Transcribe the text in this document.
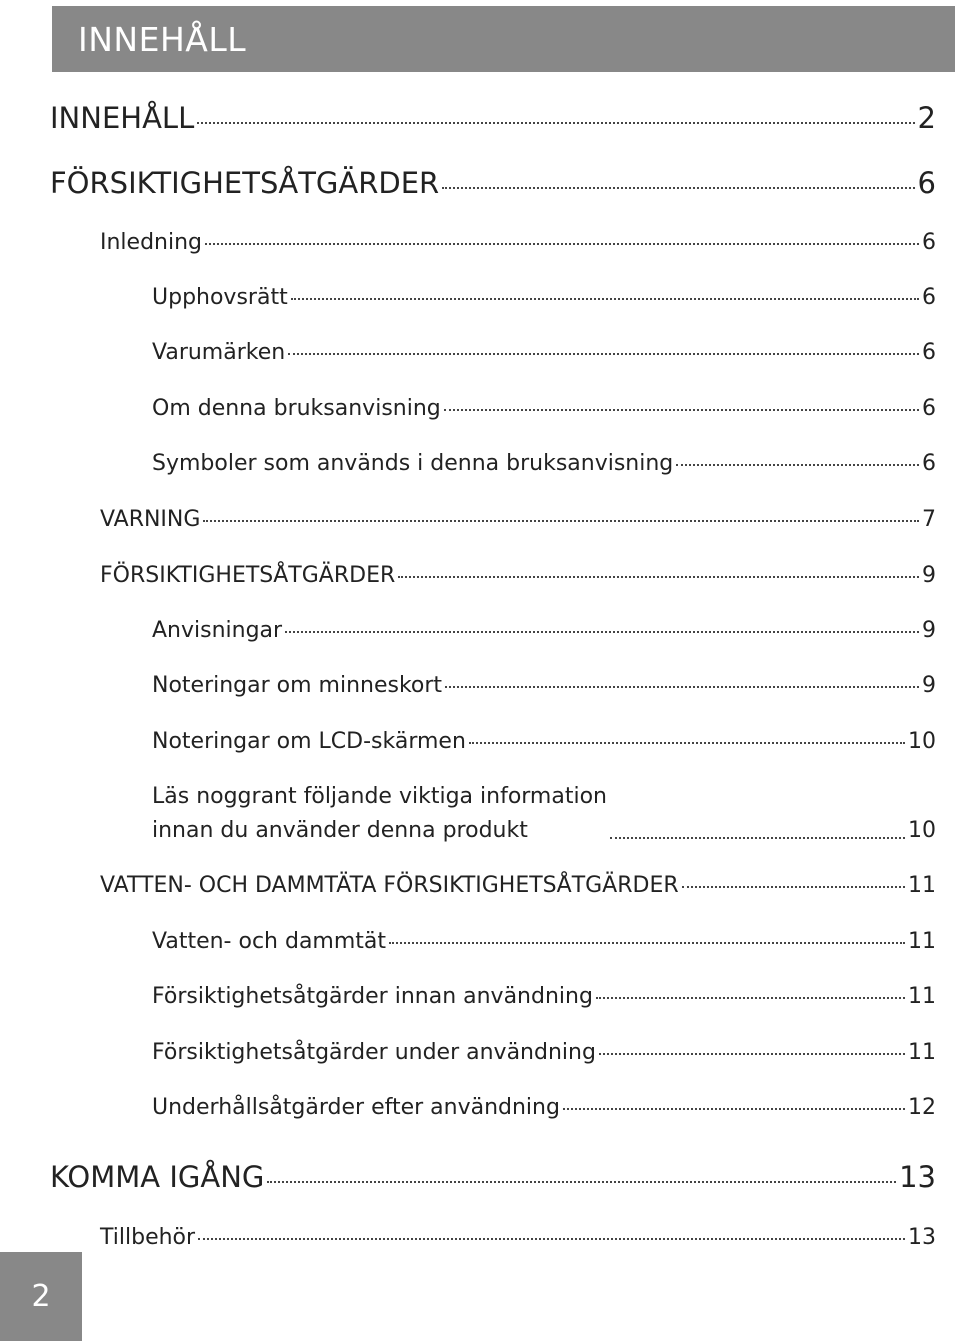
INNEHÅLL
INNEHÅLL	2
FÖRSIKTIGHETSÅTGÄRDER	6
Inledning	6
Upphovsrätt	6
Varumärken	6
Om denna bruksanvisning	6
Symboler som används i denna bruksanvisning	6
VARNING	7
FÖRSIKTIGHETSÅTGÄRDER	9
Anvisningar	9
Noteringar om minneskort	9
Noteringar om LCD-skärmen	10
Läs noggrant följande viktiga information
innan du använder denna produkt	10
VATTEN- OCH DAMMTÄTA FÖRSIKTIGHETSÅTGÄRDER	11
Vatten- och dammtät	11
Försiktighetsåtgärder innan användning	11
Försiktighetsåtgärder under användning	11
Underhållsåtgärder efter användning	12
KOMMA IGÅNG	13
Tillbehör	13
2
